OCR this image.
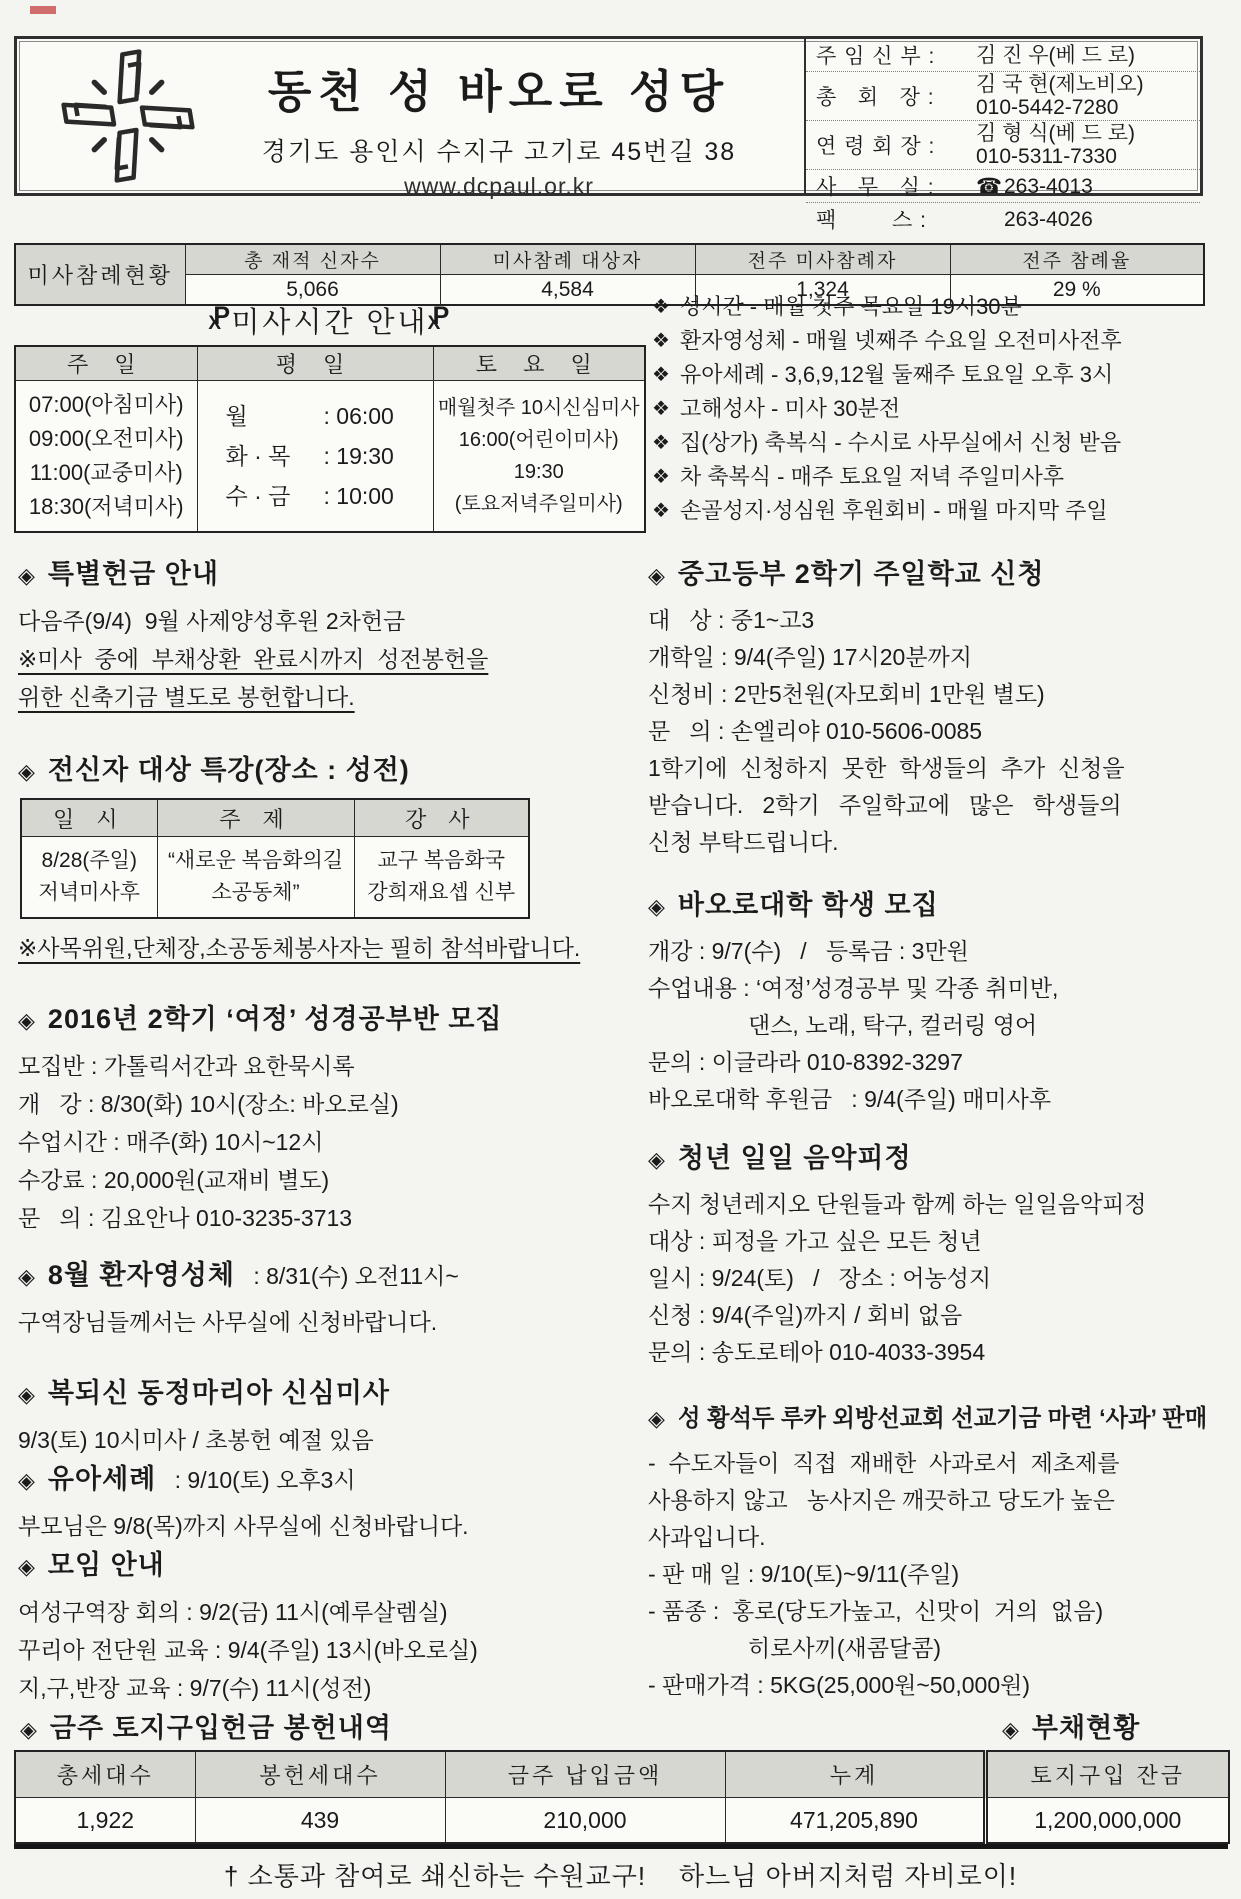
동천 성 바오로 성당
경기도 용인시 수지구 고기로 45번길 38
www.dcpaul.or.kr
주 임 신 부 :	김 진 우(베 드 로)
총   회   장 :
김 국 현(제노비오)
010-5442-7280
연 령 회 장 :
김 형 식(베 드 로)
010-5311-7330
사   무   실 :	☎263-4013
팩        스 :	263-4026
미사참례현황	총 재적 신자수	미사참례 대상자	전주 미사참례자	전주 참례율
	5,066	4,584	1,324	29 %
P X미사시간 안내P X
주 일	평 일	토 요 일

07:00(아침미사)
09:00(오전미사)
11:00(교중미사)
18:30(저녁미사)

월	: 06:00
화 · 목	: 19:30
수 · 금	: 10:00

매월첫주 10시신심미사
16:00(어린이미사)
19:30
(토요저녁주일미사)
❖ 성시간 - 매월 첫주 목요일 19시30분
❖ 환자영성체 - 매월 넷째주 수요일 오전미사전후
❖ 유아세례 - 3,6,9,12월 둘째주 토요일 오후 3시
❖ 고해성사 - 미사 30분전
❖ 집(상가) 축복식 - 수시로 사무실에서 신청 받음
❖ 차 축복식 - 매주 토요일 저녁 주일미사후
❖ 손골성지·성심원 후원회비 - 매월 마지막 주일
◈ 특별헌금 안내
다음주(9/4)  9월 사제양성후원 2차헌금
※미사  중에  부채상환  완료시까지  성전봉헌을
위한 신축기금 별도로 봉헌합니다.
◈ 전신자 대상 특강(장소 : 성전)
일 시	주 제	강 사

8/28(주일)
저녁미사후

“새로운 복음화의길
소공동체”

교구 복음화국
강희재요셉 신부
※사목위원,단체장,소공동체봉사자는 필히 참석바랍니다.
◈ 2016년 2학기 ‘여정’ 성경공부반 모집
모집반 : 가톨릭서간과 요한묵시록
개   강 : 8/30(화) 10시(장소: 바오로실)
수업시간 : 매주(화) 10시~12시
수강료 : 20,000원(교재비 별도)
문   의 : 김요안나 010-3235-3713
◈ 8월 환자영성체 : 8/31(수) 오전11시~
구역장님들께서는 사무실에 신청바랍니다.
◈ 복되신 동정마리아 신심미사
9/3(토) 10시미사 / 초봉헌 예절 있음
◈ 유아세례 : 9/10(토) 오후3시
부모님은 9/8(목)까지 사무실에 신청바랍니다.
◈ 모임 안내
여성구역장 회의 : 9/2(금) 11시(예루살렘실)
꾸리아 전단원 교육 : 9/4(주일) 13시(바오로실)
지,구,반장 교육 : 9/7(수) 11시(성전)
◈ 중고등부 2학기 주일학교 신청
대   상 : 중1~고3
개학일 : 9/4(주일) 17시20분까지
신청비 : 2만5천원(자모회비 1만원 별도)
문   의 : 손엘리야 010-5606-0085
1학기에  신청하지  못한  학생들의  추가  신청을
받습니다.   2학기   주일학교에   많은   학생들의
신청 부탁드립니다.
◈ 바오로대학 학생 모집
개강 : 9/7(수)   /   등록금 : 3만원
수업내용 : ‘여정’성경공부 및 각종 취미반,
댄스, 노래, 탁구, 컬러링 영어
문의 : 이글라라 010-8392-3297
바오로대학 후원금   : 9/4(주일) 매미사후
◈ 청년 일일 음악피정
수지 청년레지오 단원들과 함께 하는 일일음악피정
대상 : 피정을 가고 싶은 모든 청년
일시 : 9/24(토)   /   장소 : 어농성지
신청 : 9/4(주일)까지 / 회비 없음
문의 : 송도로테아 010-4033-3954
◈ 성 황석두 루카 외방선교회 선교기금 마련 ‘사과’ 판매
-  수도자들이  직접  재배한  사과로서  제초제를
사용하지 않고   농사지은 깨끗하고 당도가 높은
사과입니다.
- 판 매 일 : 9/10(토)~9/11(주일)
- 품종 :  홍로(당도가높고,  신맛이  거의  없음)
히로사끼(새콤달콤)
- 판매가격 : 5KG(25,000원~50,000원)
◈ 금주 토지구입헌금 봉헌내역	◈ 부채현황
총세대수	봉헌세대수	금주 납입금액	누계	토지구입 잔금
1,922	439	210,000	471,205,890	1,200,000,000
† 소통과 참여로 쇄신하는 수원교구!    하느님 아버지처럼 자비로이!
